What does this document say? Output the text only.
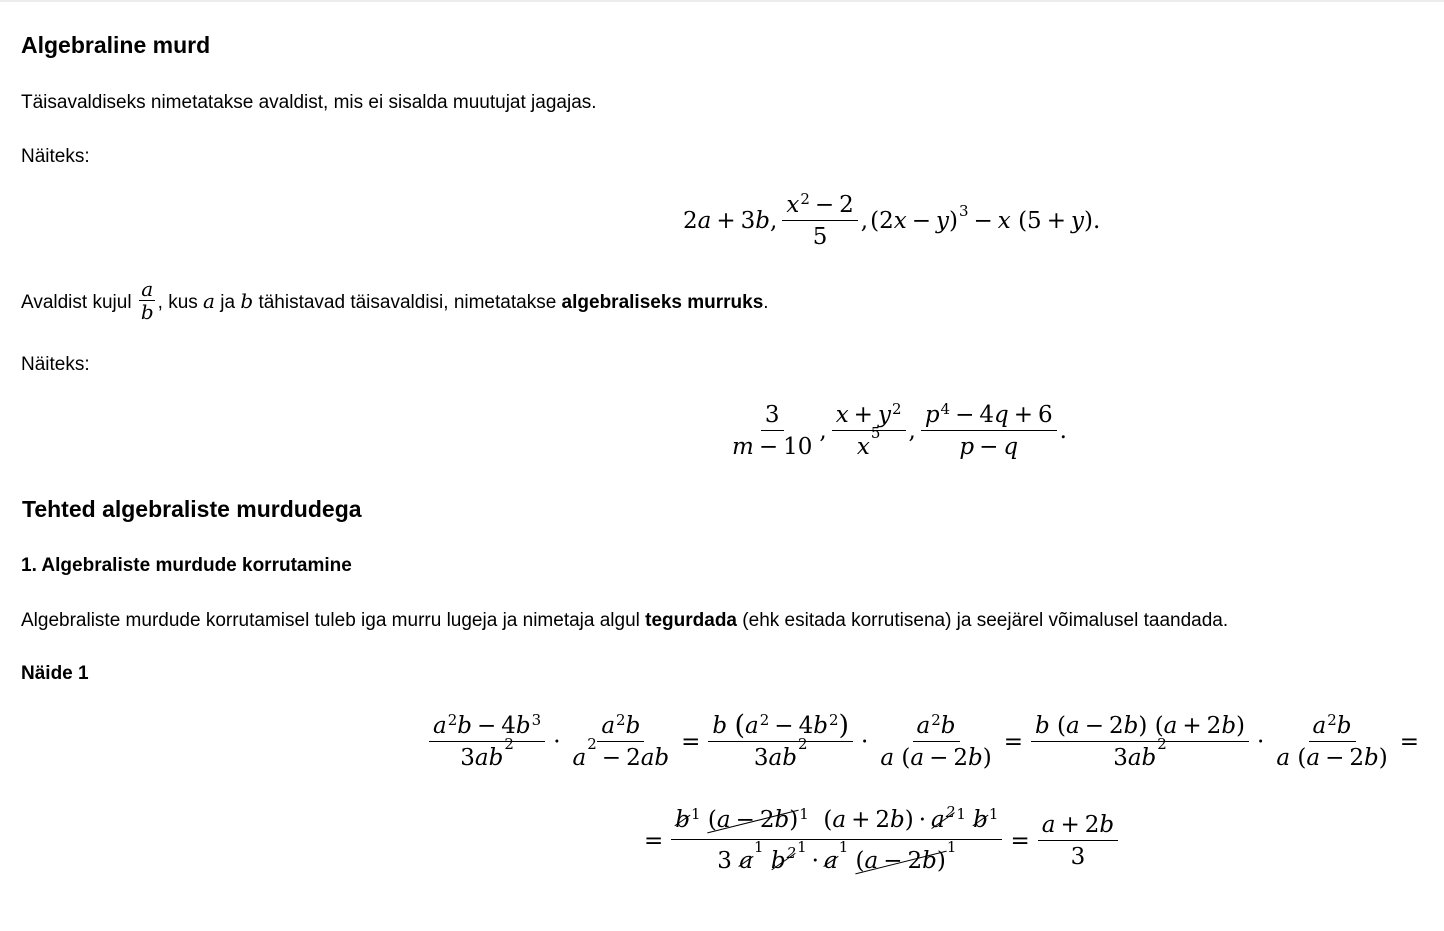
Algebraline murd

Täisavaldiseks nimetatakse avaldist, mis ei sisalda muutujat jagajas.

Näiteks:

2 a + 3 b , $\frac{x^2 - 2}{5}$ , $(2x - y)^3 - x$ (5 + y ).

Avaldist kujul $\frac{a}{b}$ , kus a ja b tähistavad täisavaldisi, nimetatakse algebraliseks murruks.

Näiteks:

$\frac{3}{m - 10}$ , $x + y^2$
x
$^5$ , $\frac{p^4 - 4 q + 6}{p - q}$ .
Tehted algebraliste murdudega
1. Algebraliste murdude korrutamine

Algebraliste murdude korrutamisel tuleb iga murru lugeja ja nimetaja algul tegurdada (ehk esitada korrutisena) ja seejärel võimalusel taandada.

Näide 1
$a^2$ b − 4 $b^3$
3 ab
$^2 \cdot a^2$ b
a
$^2$
− 2 ab = b
( $a^2 - 4$ $b^2$ )
3 ab
$^2 \cdot \frac{a^2 b}{a ( a - 2 b )} = b$ ( a − 2 b ) ( a + 2 b )
3 ab
$^2 \cdot \frac{a^2 b}{a ( a - 2 b )}$ =
=
$b^1$
$(a - 2b)^1$ ( a + 2 b ) · $a^{21}$
$b^1$
3
a
$^1$

$b^{21}$
· a
$^1$

(a − 2b)
$^1 = \frac{a + 2 b}{3}$
